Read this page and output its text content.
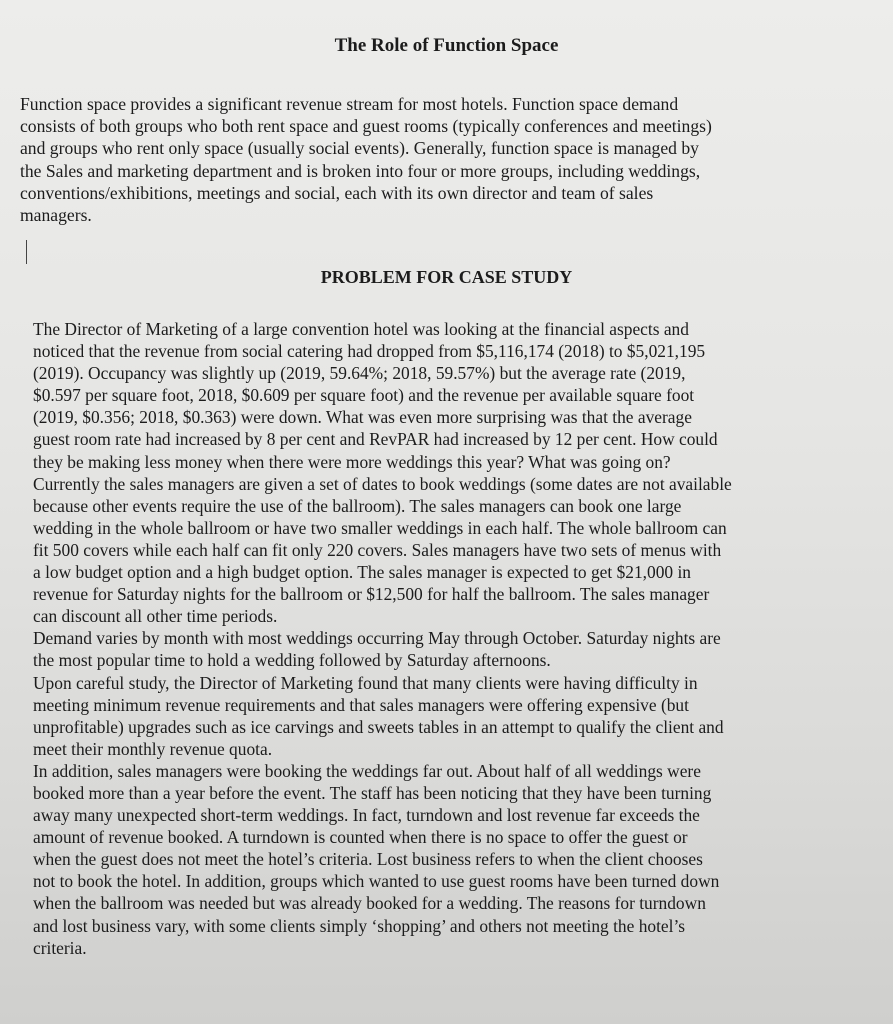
The Role of Function Space
Function space provides a significant revenue stream for most hotels. Function space demand
consists of both groups who both rent space and guest rooms (typically conferences and meetings)
and groups who rent only space (usually social events). Generally, function space is managed by
the Sales and marketing department and is broken into four or more groups, including weddings,
conventions/exhibitions, meetings and social, each with its own director and team of sales
managers.
PROBLEM FOR CASE STUDY
The Director of Marketing of a large convention hotel was looking at the financial aspects and
noticed that the revenue from social catering had dropped from $5,116,174 (2018) to $5,021,195
(2019). Occupancy was slightly up (2019, 59.64%; 2018, 59.57%) but the average rate (2019,
$0.597 per square foot, 2018, $0.609 per square foot) and the revenue per available square foot
(2019, $0.356; 2018, $0.363) were down. What was even more surprising was that the average
guest room rate had increased by 8 per cent and RevPAR had increased by 12 per cent. How could
they be making less money when there were more weddings this year? What was going on?
Currently the sales managers are given a set of dates to book weddings (some dates are not available
because other events require the use of the ballroom). The sales managers can book one large
wedding in the whole ballroom or have two smaller weddings in each half. The whole ballroom can
fit 500 covers while each half can fit only 220 covers. Sales managers have two sets of menus with
a low budget option and a high budget option. The sales manager is expected to get $21,000 in
revenue for Saturday nights for the ballroom or $12,500 for half the ballroom. The sales manager
can discount all other time periods.
Demand varies by month with most weddings occurring May through October. Saturday nights are
the most popular time to hold a wedding followed by Saturday afternoons.
Upon careful study, the Director of Marketing found that many clients were having difficulty in
meeting minimum revenue requirements and that sales managers were offering expensive (but
unprofitable) upgrades such as ice carvings and sweets tables in an attempt to qualify the client and
meet their monthly revenue quota.
In addition, sales managers were booking the weddings far out. About half of all weddings were
booked more than a year before the event. The staff has been noticing that they have been turning
away many unexpected short-term weddings. In fact, turndown and lost revenue far exceeds the
amount of revenue booked. A turndown is counted when there is no space to offer the guest or
when the guest does not meet the hotel’s criteria. Lost business refers to when the client chooses
not to book the hotel. In addition, groups which wanted to use guest rooms have been turned down
when the ballroom was needed but was already booked for a wedding. The reasons for turndown
and lost business vary, with some clients simply ‘shopping’ and others not meeting the hotel’s
criteria.
